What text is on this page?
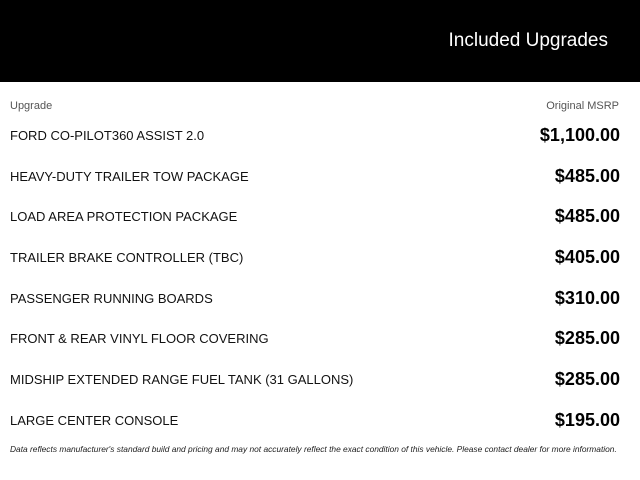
Included Upgrades
Upgrade	Original MSRP
FORD CO-PILOT360 ASSIST 2.0	$1,100.00
HEAVY-DUTY TRAILER TOW PACKAGE	$485.00
LOAD AREA PROTECTION PACKAGE	$485.00
TRAILER BRAKE CONTROLLER (TBC)	$405.00
PASSENGER RUNNING BOARDS	$310.00
FRONT & REAR VINYL FLOOR COVERING	$285.00
MIDSHIP EXTENDED RANGE FUEL TANK (31 GALLONS)	$285.00
LARGE CENTER CONSOLE	$195.00
Data reflects manufacturer's standard build and pricing and may not accurately reflect the exact condition of this vehicle. Please contact dealer for more information.
